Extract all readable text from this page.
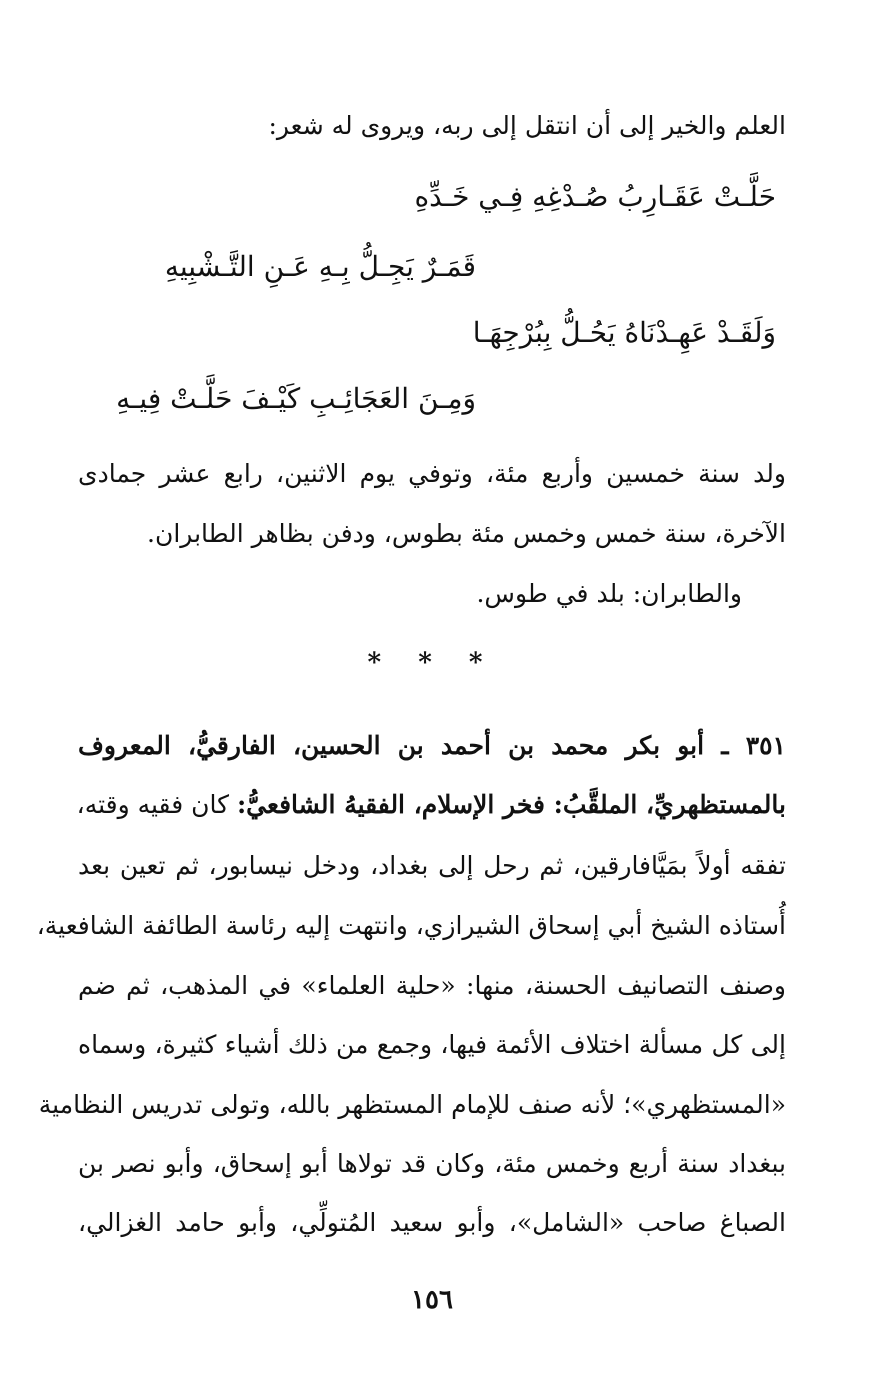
العلم والخير إلى أن انتقل إلى ربه، ويروى له شعر:
حَلَّـتْ عَقَـارِبُ صُـدْغِهِ فِـي خَـدِّهِ
قَمَـرٌ يَجِـلُّ بِـهِ عَـنِ التَّـشْبِيهِ
وَلَقَـدْ عَهِـدْنَاهُ يَحُـلُّ بِبُرْجِهَـا
وَمِـنَ العَجَائِـبِ كَيْـفَ حَلَّـتْ فِيـهِ
ولد سنة خمسين وأربع مئة، وتوفي يوم الاثنين، رابع عشر جمادى
الآخرة، سنة خمس وخمس مئة بطوس، ودفن بظاهر الطابران.
والطابران: بلد في طوس.
* * *
٣٥١ ـ أبو بكر محمد بن أحمد بن الحسين، الفارقيُّ، المعروف
بالمستظهريِّ، الملقَّبُ: فخر الإسلام، الفقيهُ الشافعيُّ: كان فقيه وقته،
تفقه أولاً بمَيَّافارقين، ثم رحل إلى بغداد، ودخل نيسابور، ثم تعين بعد
أُستاذه الشيخ أبي إسحاق الشيرازي، وانتهت إليه رئاسة الطائفة الشافعية،
وصنف التصانيف الحسنة، منها: «حلية العلماء» في المذهب، ثم ضم
إلى كل مسألة اختلاف الأئمة فيها، وجمع من ذلك أشياء كثيرة، وسماه
«المستظهري»؛ لأنه صنف للإمام المستظهر بالله، وتولى تدريس النظامية
ببغداد سنة أربع وخمس مئة، وكان قد تولاها أبو إسحاق، وأبو نصر بن
الصباغ صاحب «الشامل»، وأبو سعيد المُتولِّي، وأبو حامد الغزالي،
١٥٦
